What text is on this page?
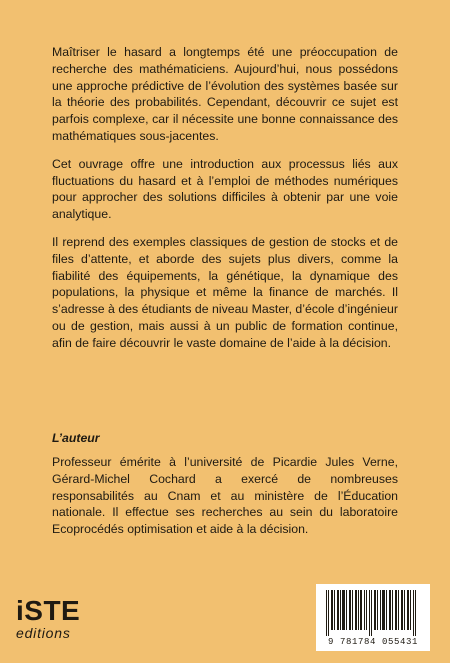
Maîtriser le hasard a longtemps été une préoccupation de recherche des mathématiciens. Aujourd’hui, nous possédons une approche prédictive de l’évolution des systèmes basée sur la théorie des probabilités. Cependant, découvrir ce sujet est parfois complexe, car il nécessite une bonne connaissance des mathématiques sous-jacentes.

Cet ouvrage offre une introduction aux processus liés aux fluctuations du hasard et à l’emploi de méthodes numériques pour approcher des solutions difficiles à obtenir par une voie analytique.

Il reprend des exemples classiques de gestion de stocks et de files d’attente, et aborde des sujets plus divers, comme la fiabilité des équipements, la génétique, la dynamique des populations, la physique et même la finance de marchés. Il s’adresse à des étudiants de niveau Master, d’école d’ingénieur ou de gestion, mais aussi à un public de formation continue, afin de faire découvrir le vaste domaine de l’aide à la décision.

L’auteur

Professeur émérite à l’université de Picardie Jules Verne, Gérard-Michel Cochard a exercé de nombreuses responsabilités au Cnam et au ministère de l’Éducation nationale. Il effectue ses recherches au sein du laboratoire Ecoprocédés optimisation et aide à la décision.

iSTE
editions
9 781784 055431
